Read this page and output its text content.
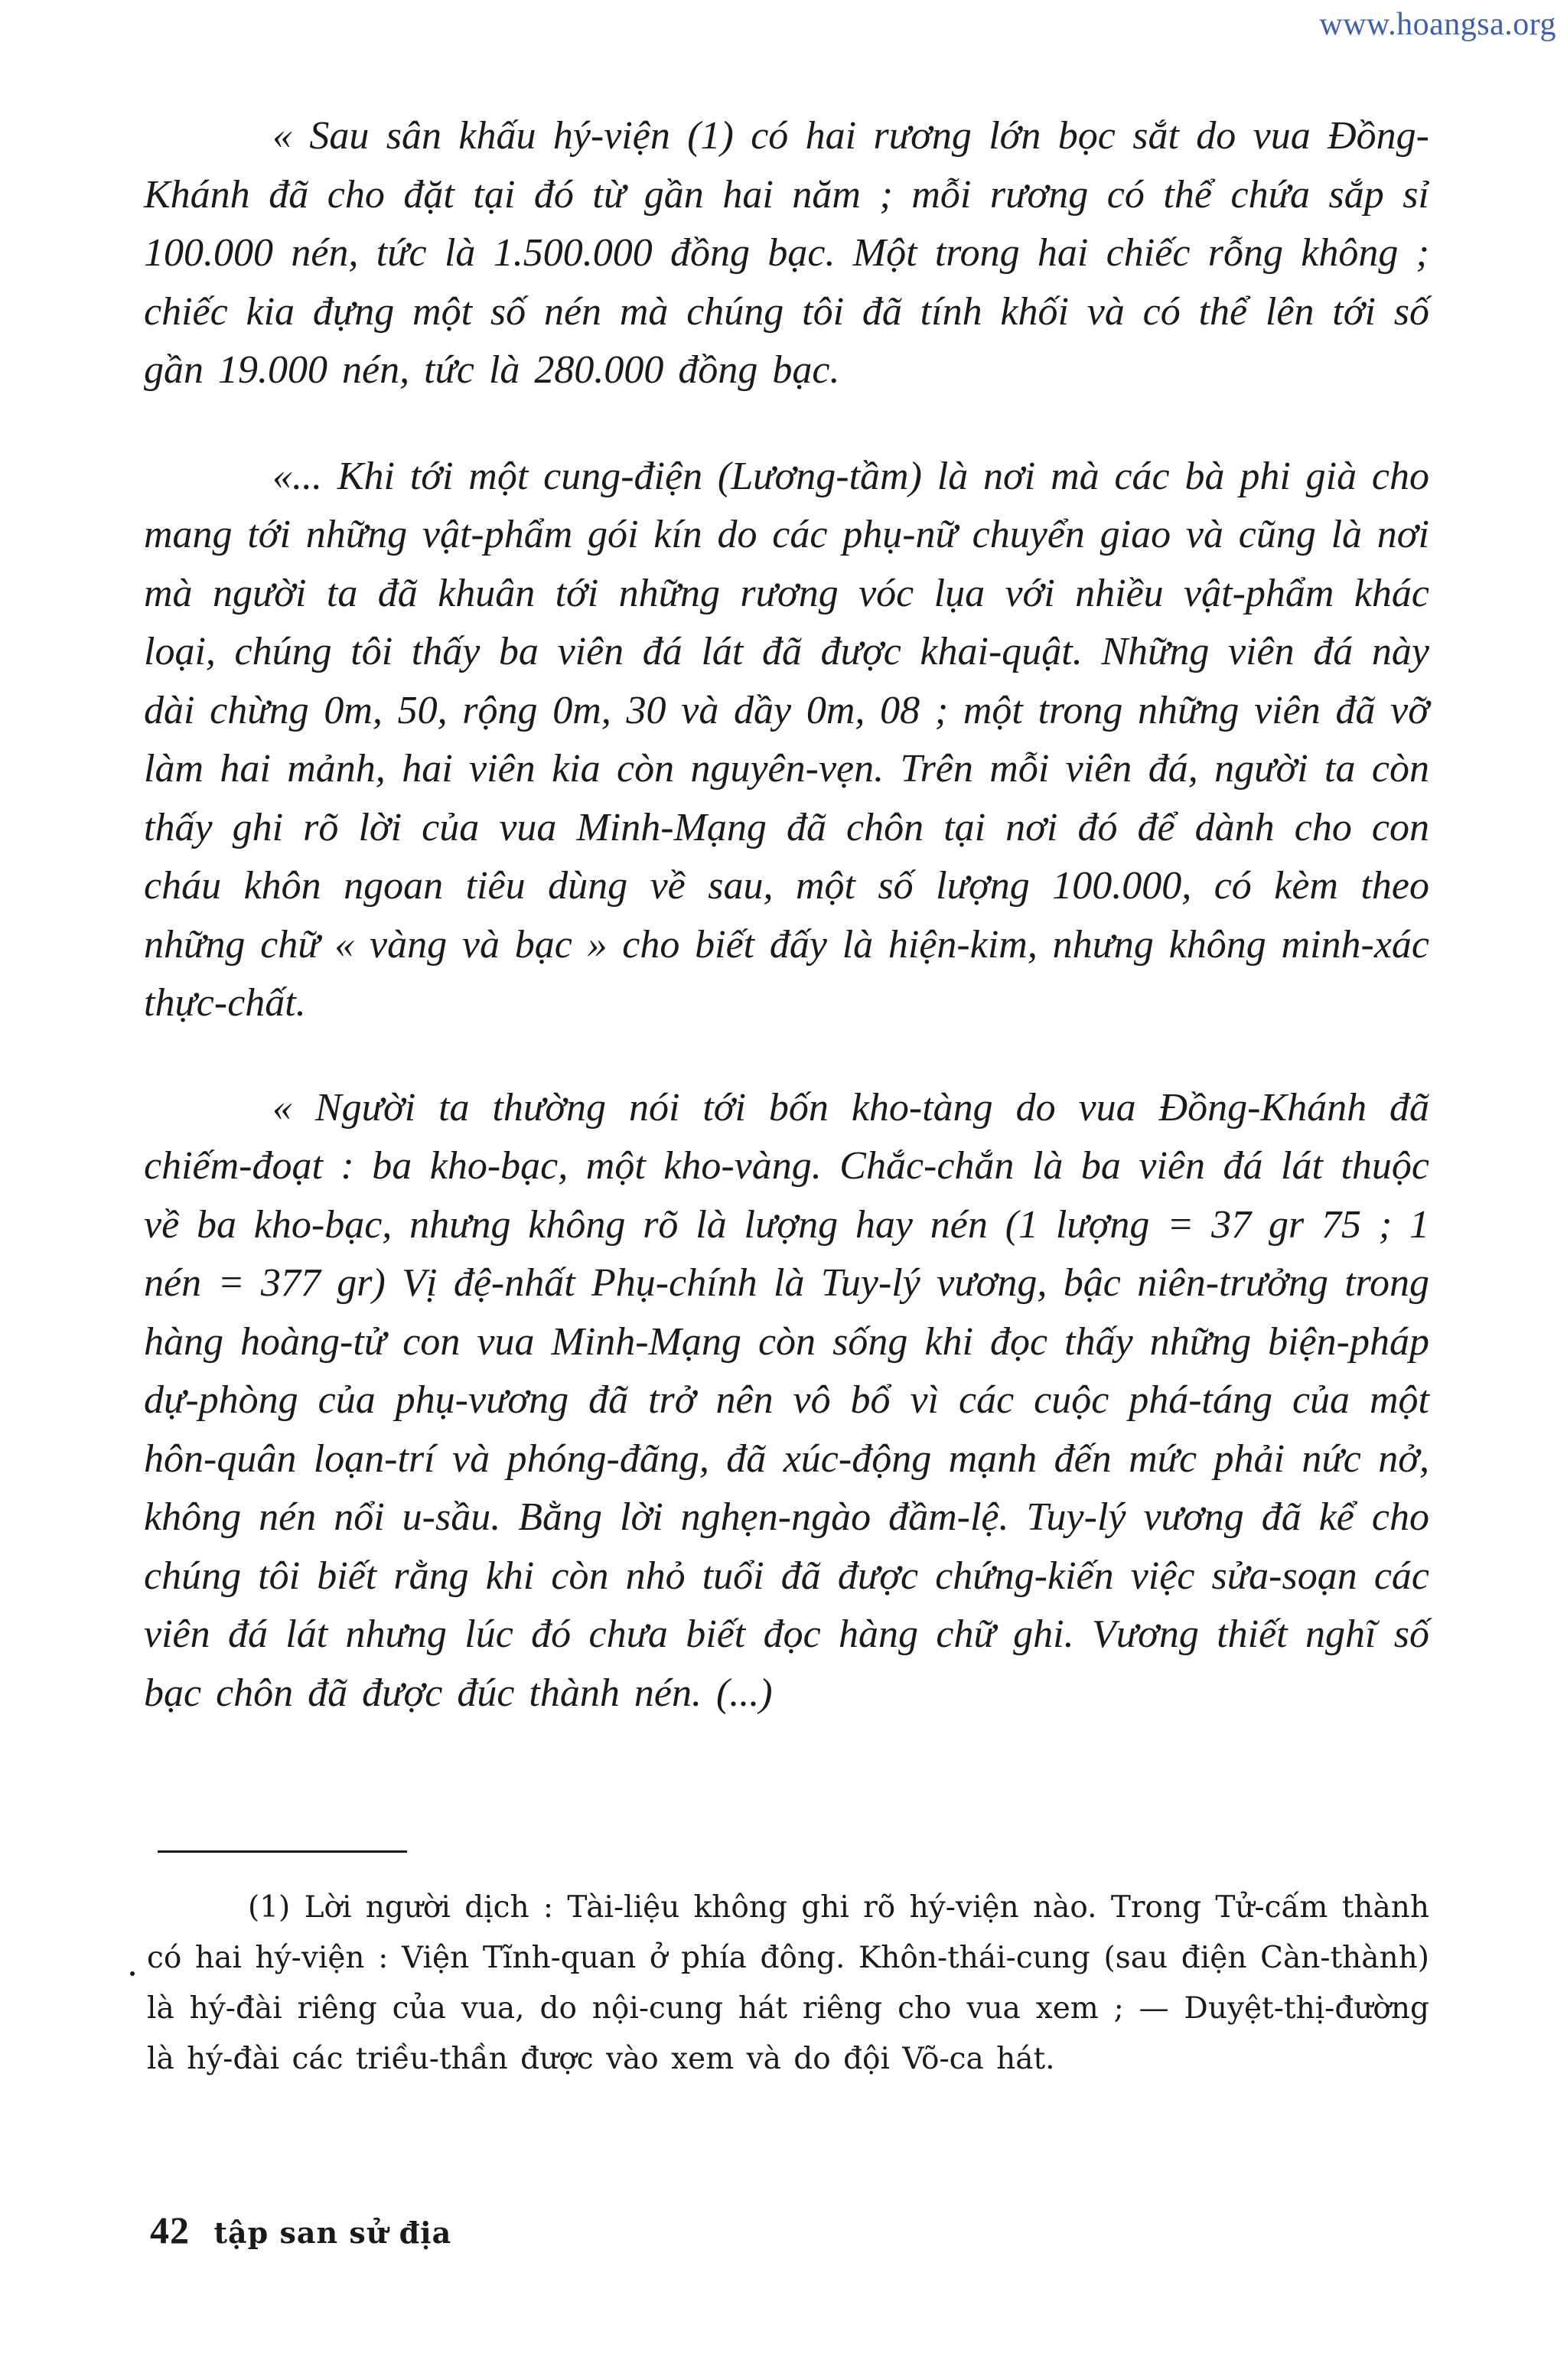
www.hoangsa.org

« Sau sân khấu hý-viện (1) có hai rương lớn bọc sắt do vua Đồng-Khánh đã cho đặt tại đó từ gần hai năm ; mỗi rương có thể chứa sắp sỉ 100.000 nén, tức là 1.500.000 đồng bạc. Một trong hai chiếc rỗng không ; chiếc kia đựng một số nén mà chúng tôi đã tính khối và có thể lên tới số gần 19.000 nén, tức là 280.000 đồng bạc.

«... Khi tới một cung-điện (Lương-tầm) là nơi mà các bà phi già cho mang tới những vật-phẩm gói kín do các phụ-nữ chuyển giao và cũng là nơi mà người ta đã khuân tới những rương vóc lụa với nhiều vật-phẩm khác loại, chúng tôi thấy ba viên đá lát đã được khai-quật. Những viên đá này dài chừng 0m, 50, rộng 0m, 30 và dầy 0m, 08 ; một trong những viên đã vỡ làm hai mảnh, hai viên kia còn nguyên-vẹn. Trên mỗi viên đá, người ta còn thấy ghi rõ lời của vua Minh-Mạng đã chôn tại nơi đó để dành cho con cháu khôn ngoan tiêu dùng về sau, một số lượng 100.000, có kèm theo những chữ « vàng và bạc » cho biết đấy là hiện-kim, nhưng không minh-xác thực-chất.

« Người ta thường nói tới bốn kho-tàng do vua Đồng-Khánh đã chiếm-đoạt : ba kho-bạc, một kho-vàng. Chắc-chắn là ba viên đá lát thuộc về ba kho-bạc, nhưng không rõ là lượng hay nén (1 lượng = 37 gr 75 ; 1 nén = 377 gr) Vị đệ-nhất Phụ-chính là Tuy-lý vương, bậc niên-trưởng trong hàng hoàng-tử con vua Minh-Mạng còn sống khi đọc thấy những biện-pháp dự-phòng của phụ-vương đã trở nên vô bổ vì các cuộc phá-táng của một hôn-quân loạn-trí và phóng-đãng, đã xúc-động mạnh đến mức phải nức nở, không nén nổi u-sầu. Bằng lời nghẹn-ngào đầm-lệ. Tuy-lý vương đã kể cho chúng tôi biết rằng khi còn nhỏ tuổi đã được chứng-kiến việc sửa-soạn các viên đá lát nhưng lúc đó chưa biết đọc hàng chữ ghi. Vương thiết nghĩ số bạc chôn đã được đúc thành nén. (...)

(1) Lời người dịch : Tài-liệu không ghi rõ hý-viện nào. Trong Tử-cấm thành có hai hý-viện : Viện Tĩnh-quan ở phía đông. Khôn-thái-cung (sau điện Càn-thành) là hý-đài riêng của vua, do nội-cung hát riêng cho vua xem ; — Duyệt-thị-đường là hý-đài các triều-thần được vào xem và do đội Võ-ca hát.

42 tập san sử địa
